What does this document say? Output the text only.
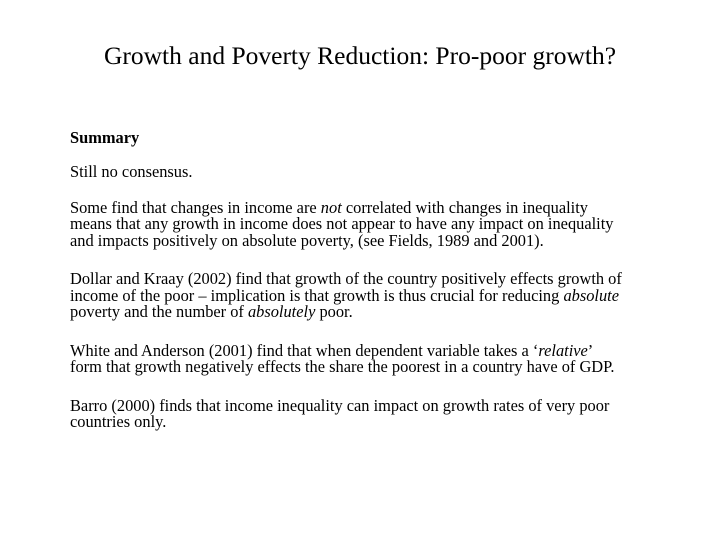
Growth and Poverty Reduction: Pro-poor growth?
Summary
Still no consensus.
Some find that changes in income are not correlated with changes in inequality
means that any growth in income does not appear to have any impact on inequality
and impacts positively on absolute poverty, (see Fields, 1989 and 2001).
Dollar and Kraay (2002) find that growth of the country positively effects growth of
income of the poor – implication is that growth is thus crucial for reducing absolute
poverty and the number of absolutely poor.
White and Anderson (2001) find that when dependent variable takes a ‘relative’
form that growth negatively effects the share the poorest in a country have of GDP.
Barro (2000) finds that income inequality can impact on growth rates of very poor
countries only.
